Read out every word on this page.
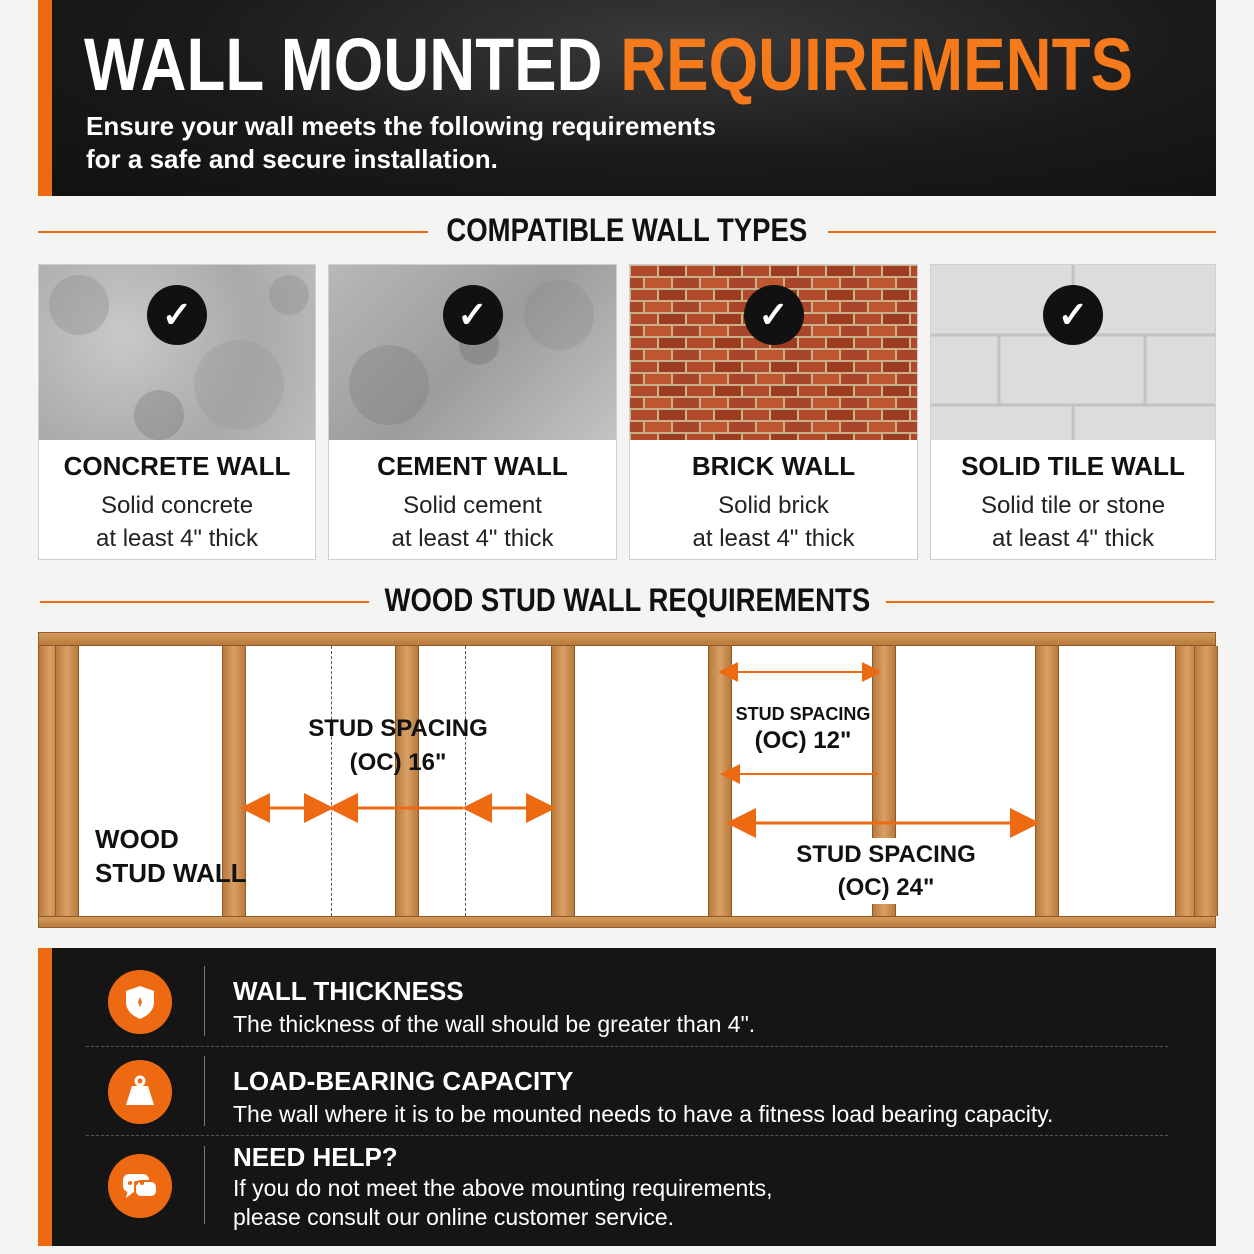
WALL MOUNTED REQUIREMENTS
Ensure your wall meets the following requirements
for a safe and secure installation.
COMPATIBLE WALL TYPES
✓
CONCRETE WALL
Solid concrete
at least 4" thick
✓
CEMENT WALL
Solid cement
at least 4" thick
✓
BRICK WALL
Solid brick
at least 4" thick
✓
SOLID TILE WALL
Solid tile or stone
at least 4" thick
WOOD STUD WALL REQUIREMENTS
STUD SPACING
(OC) 16"
STUD SPACING
(OC) 12"
STUD SPACING
(OC) 24"
WOOD
STUD WALL
WALL THICKNESS
The thickness of the wall should be greater than 4".
LOAD-BEARING CAPACITY
The wall where it is to be mounted needs to have a fitness load bearing capacity.
NEED HELP?
If you do not meet the above mounting requirements,
please consult our online customer service.
